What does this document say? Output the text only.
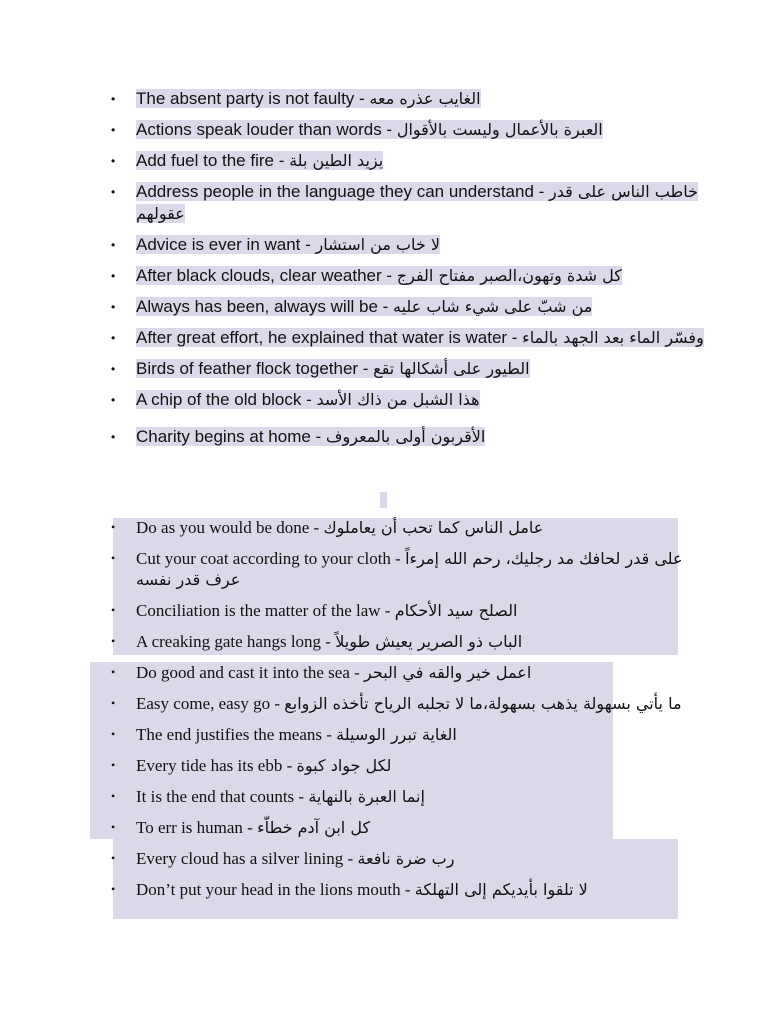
• The absent party is not faulty - الغايب عذره معه
• Actions speak louder than words - العبرة بالأعمال وليست بالأقوال
• Add fuel to the fire - يزيد الطين بلة
• Address people in the language they can understand - خاطب الناس على قدر عقولهم
• Advice is ever in want - لا خاب من استشار
• After black clouds, clear weather - كل شدة وتهون،الصبر مفتاح الفرج
• Always has been, always will be - من شبّ على شيء شاب عليه
• After great effort, he explained that water is water - وفسّر الماء بعد الجهد بالماء
• Birds of feather flock together - الطيور على أشكالها تقع
• A chip of the old block - هذا الشبل من ذاك الأسد
• Charity begins at home - الأقربون أولى بالمعروف
• Do as you would be done - عامل الناس كما تحب أن يعاملوك
• Cut your coat according to your cloth - على قدر لحافك مد رجليك، رحم الله إمرءاً عرف قدر نفسه
• Conciliation is the matter of the law - الصلح سيد الأحكام
• A creaking gate hangs long - الباب ذو الصرير يعيش طويلاً
• Do good and cast it into the sea - اعمل خير والقه في البحر
• Easy come, easy go - ما يأتي بسهولة يذهب بسهولة،ما لا تجلبه الرياح تأخذه الزوابع
• The end justifies the means - الغاية تبرر الوسيلة
• Every tide has its ebb - لكل جواد كبوة
• It is the end that counts - إنما العبرة بالنهاية
• To err is human - كل ابن آدم خطاّء
• Every cloud has a silver lining - رب ضرة نافعة
• Don’t put your head in the lions mouth - لا تلقوا بأيديكم إلى التهلكة
